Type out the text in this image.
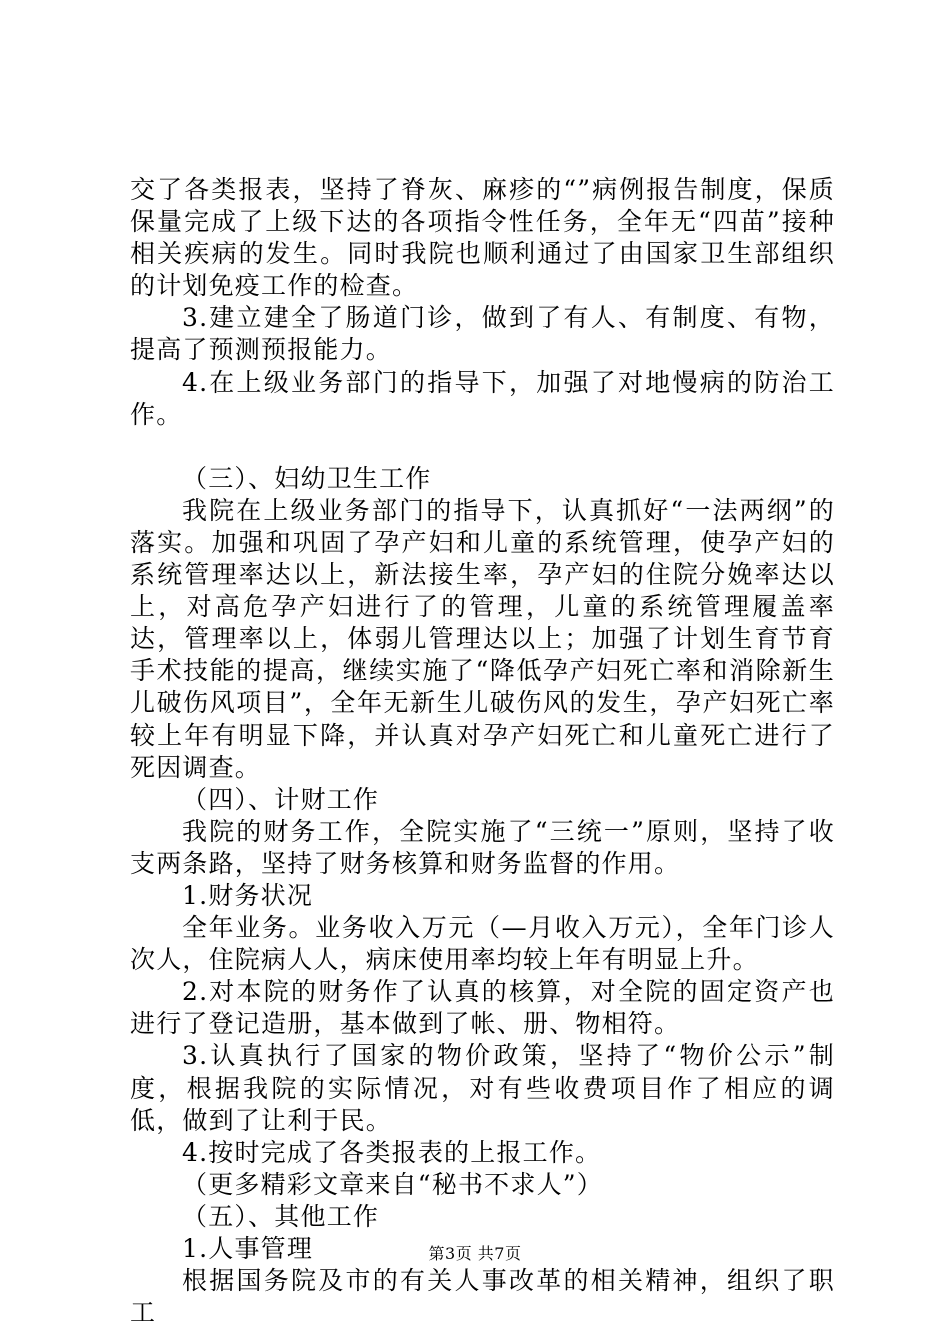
交了各类报表，坚持了脊灰、麻疹的“”病例报告制度，保质保量完成了上级下达的各项指令性任务，全年无“四苗”接种相关疾病的发生。同时我院也顺利通过了由国家卫生部组织的计划免疫工作的检查。

3.建立建全了肠道门诊，做到了有人、有制度、有物，提高了预测预报能力。

4.在上级业务部门的指导下，加强了对地慢病的防治工作。

（三）、妇幼卫生工作

我院在上级业务部门的指导下，认真抓好“一法两纲”的落实。加强和巩固了孕产妇和儿童的系统管理，使孕产妇的系统管理率达以上，新法接生率，孕产妇的住院分娩率达以上，对高危孕产妇进行了的管理，儿童的系统管理履盖率达，管理率以上，体弱儿管理达以上；加强了计划生育节育手术技能的提高，继续实施了“降低孕产妇死亡率和消除新生儿破伤风项目”，全年无新生儿破伤风的发生，孕产妇死亡率较上年有明显下降，并认真对孕产妇死亡和儿童死亡进行了死因调查。

（四）、计财工作

我院的财务工作，全院实施了“三统一”原则，坚持了收支两条路，坚持了财务核算和财务监督的作用。

1.财务状况

全年业务。业务收入万元（—月收入万元），全年门诊人次人，住院病人人，病床使用率均较上年有明显上升。

2.对本院的财务作了认真的核算，对全院的固定资产也进行了登记造册，基本做到了帐、册、物相符。

3.认真执行了国家的物价政策，坚持了“物价公示”制度，根据我院的实际情况，对有些收费项目作了相应的调低，做到了让利于民。

4.按时完成了各类报表的上报工作。

（更多精彩文章来自“秘书不求人”）

（五）、其他工作

1.人事管理

根据国务院及市的有关人事改革的相关精神，组织了职工

第3页 共7页
